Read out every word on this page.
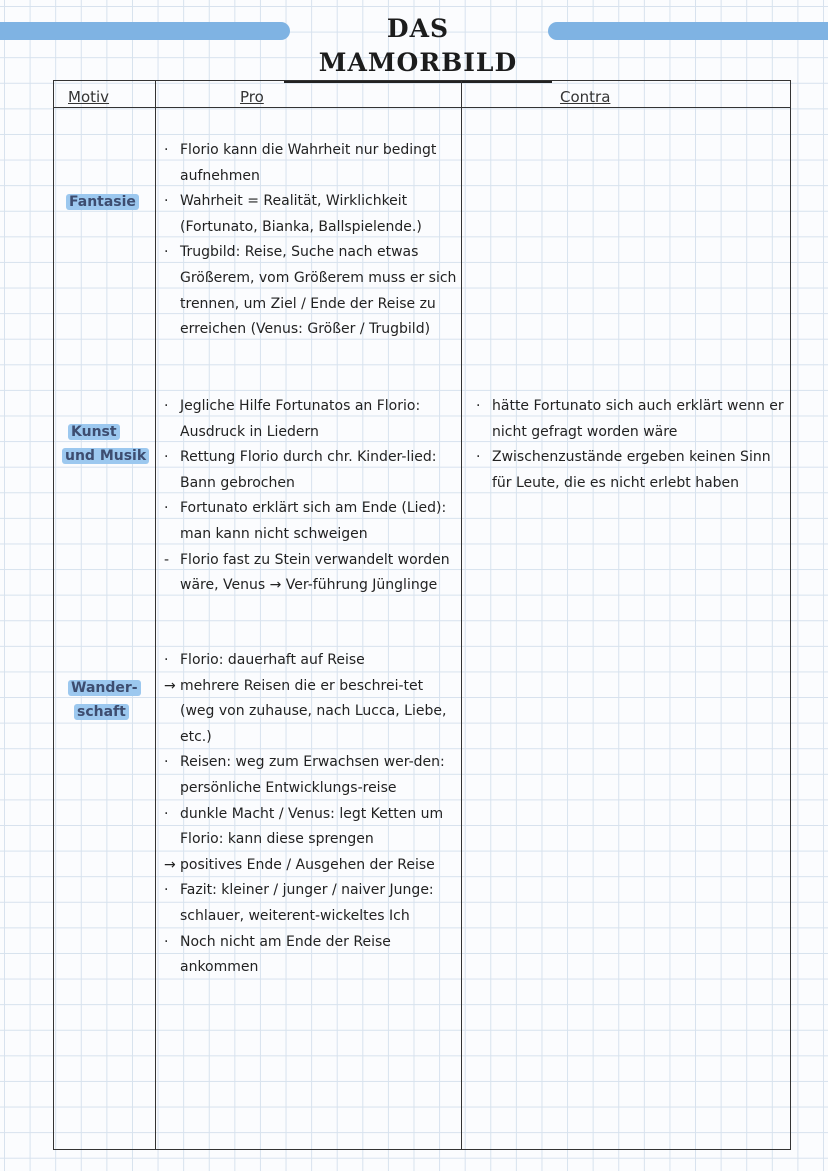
DAS MAMORBILD
Motiv	Pro	Contra
Fantasie
Kunst
und Musik
Wander-
schaft
· Florio kann die Wahrheit nur bedingt aufnehmen
· Wahrheit = Realität, Wirklichkeit (Fortunato, Bianka, Ballspielende.)
· Trugbild: Reise, Suche nach etwas Größerem, vom Größerem muss er sich trennen, um Ziel / Ende der Reise zu erreichen (Venus: Größer / Trugbild)
· Jegliche Hilfe Fortunatos an Florio: Ausdruck in Liedern
· Rettung Florio durch chr. Kinder-lied: Bann gebrochen
· Fortunato erklärt sich am Ende (Lied): man kann nicht schweigen
- Florio fast zu Stein verwandelt worden wäre, Venus → Ver-führung Jünglinge
· hätte Fortunato sich auch erklärt wenn er nicht gefragt worden wäre
· Zwischenzustände ergeben keinen Sinn für Leute, die es nicht erlebt haben
· Florio: dauerhaft auf Reise
→ mehrere Reisen die er beschrei-tet (weg von zuhause, nach Lucca, Liebe, etc.)
· Reisen: weg zum Erwachsen wer-den: persönliche Entwicklungs-reise
· dunkle Macht / Venus: legt Ketten um Florio: kann diese sprengen
→ positives Ende / Ausgehen der Reise
· Fazit: kleiner / junger / naiver Junge: schlauer, weiterent-wickeltes Ich
· Noch nicht am Ende der Reise ankommen
